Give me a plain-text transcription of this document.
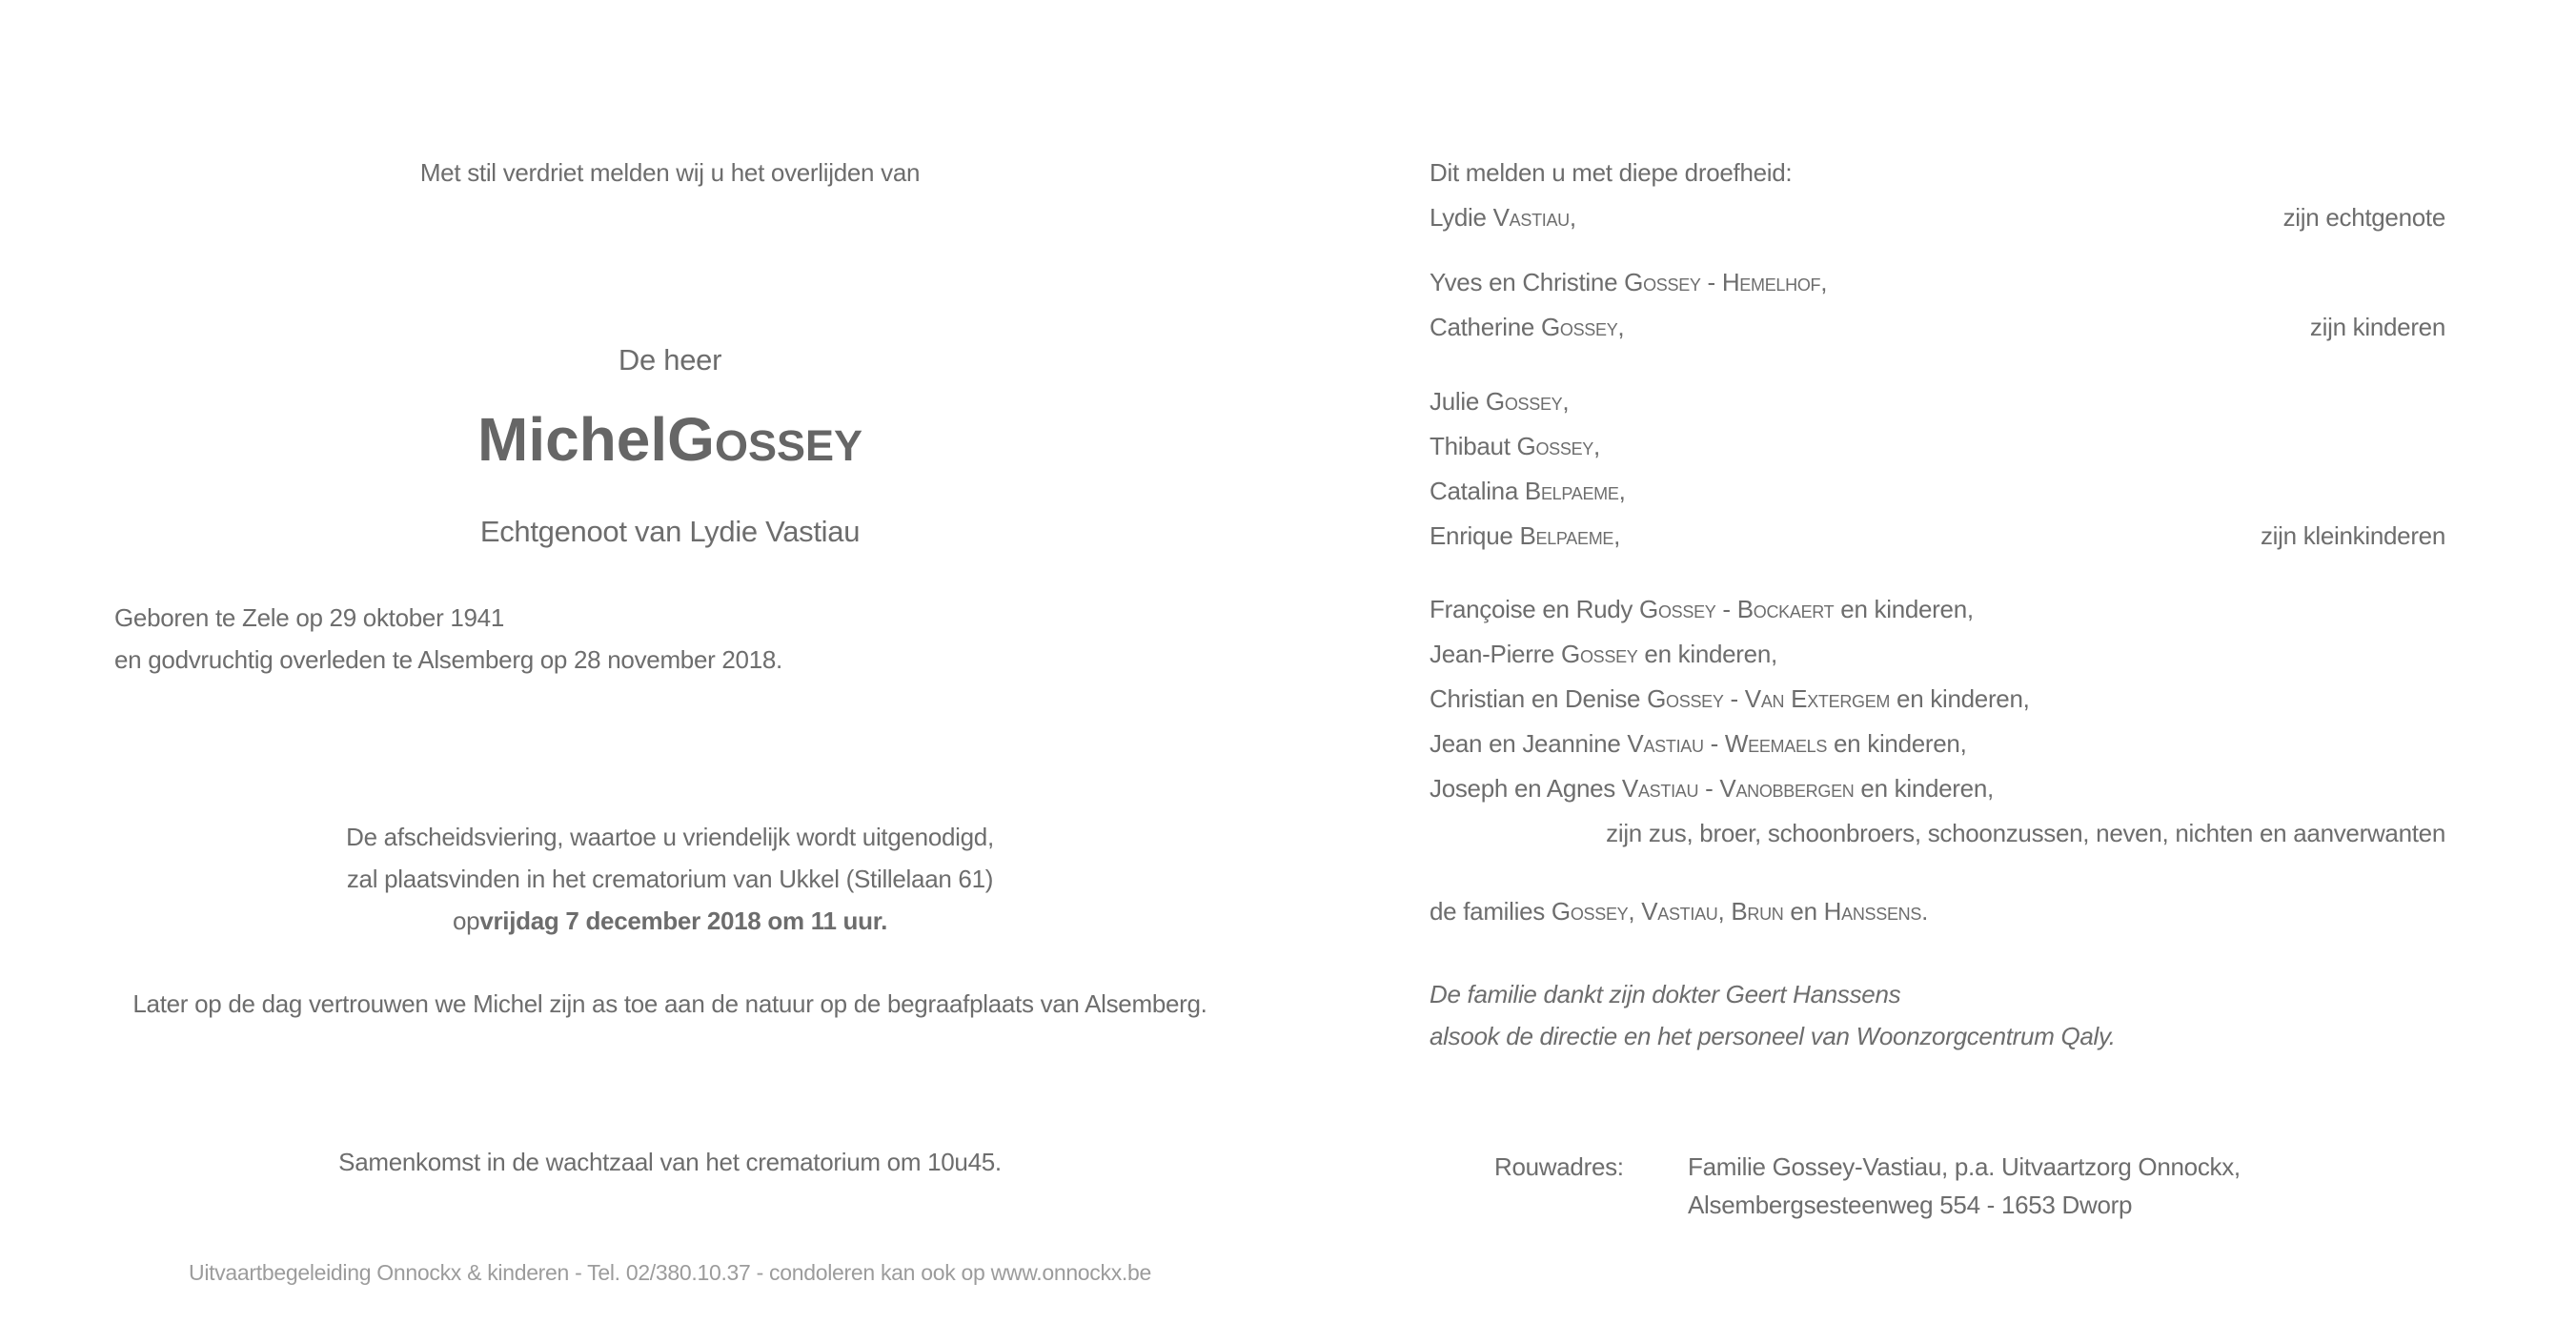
Met stil verdriet melden wij u het overlijden van
De heer
Michel Gossey
Echtgenoot van Lydie Vastiau
Geboren te Zele op 29 oktober 1941
en godvruchtig overleden te Alsemberg op 28 november 2018.
De afscheidsviering, waartoe u vriendelijk wordt uitgenodigd,
zal plaatsvinden in het crematorium van Ukkel (Stillelaan 61)
op vrijdag 7 december 2018 om 11 uur.
Later op de dag vertrouwen we Michel zijn as toe aan de natuur op de begraafplaats van Alsemberg.
Samenkomst in de wachtzaal van het crematorium om 10u45.
Uitvaartbegeleiding Onnockx & kinderen - Tel. 02/380.10.37 - condoleren kan ook op www.onnockx.be
Dit melden u met diepe droefheid:
Lydie Vastiau,	zijn echtgenote
Yves en Christine Gossey - Hemelhof,
Catherine Gossey,	zijn kinderen
Julie Gossey,
Thibaut Gossey,
Catalina Belpaeme,
Enrique Belpaeme,	zijn kleinkinderen
Françoise en Rudy Gossey - Bockaert en kinderen,
Jean-Pierre Gossey en kinderen,
Christian en Denise Gossey - Van Extergem en kinderen,
Jean en Jeannine Vastiau - Weemaels en kinderen,
Joseph en Agnes Vastiau - Vanobbergen en kinderen,
zijn zus, broer, schoonbroers, schoonzussen, neven, nichten en aanverwanten
de families Gossey, Vastiau, Brun en Hanssens.
De familie dankt zijn dokter Geert Hanssens
alsook de directie en het personeel van Woonzorgcentrum Qaly.
Rouwadres:	Familie Gossey-Vastiau, p.a. Uitvaartzorg Onnockx,
Alsembergsesteenweg 554 - 1653 Dworp
